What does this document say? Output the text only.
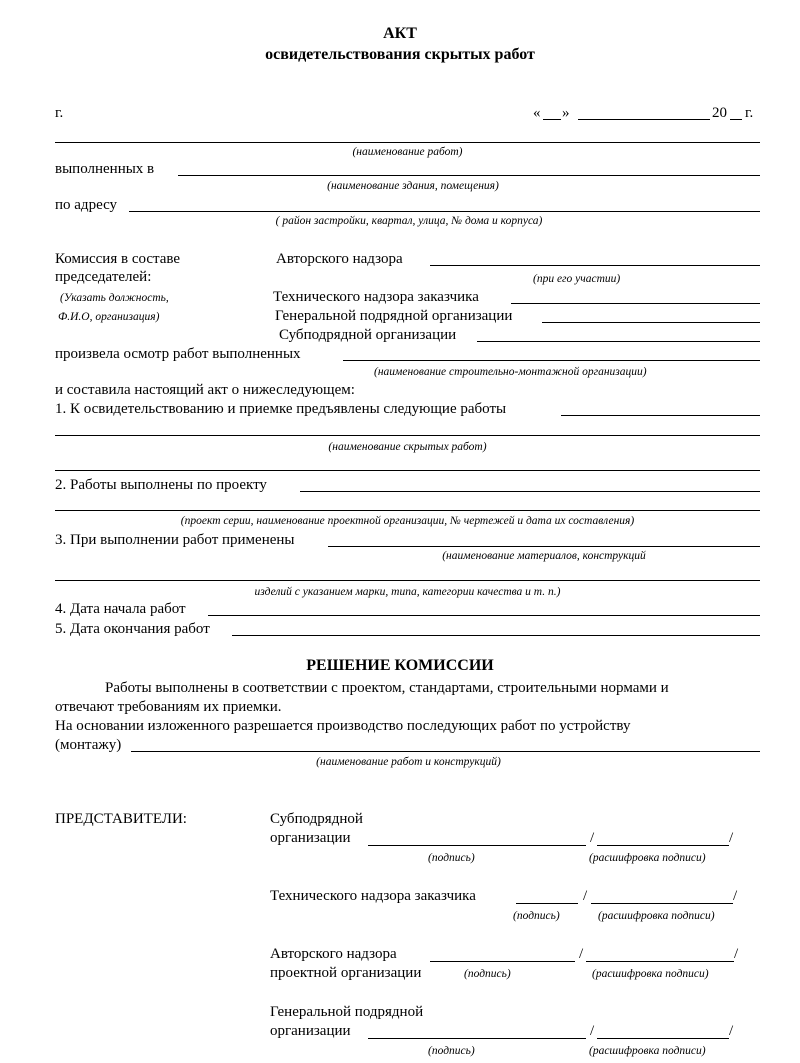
АКТ
освидетельствования скрытых работ
г.	« »	20 г.
(наименование работ)
выполненных в
(наименование здания, помещения)
по адресу
( район застройки, квартал, улица, № дома и корпуса)
Комиссия в составе	Авторского надзора
председателей:	(при его участии)
(Указать должность,	Технического надзора заказчика
Ф.И.О, организация)	Генеральной подрядной организации
Субподрядной организации
произвела осмотр работ выполненных
(наименование строительно-монтажной организации)
и составила настоящий акт о нижеследующем:
1. К освидетельствованию и приемке предъявлены следующие работы
(наименование скрытых работ)
2. Работы выполнены по проекту
(проект серии, наименование проектной организации, № чертежей и дата их составления)
3. При выполнении работ применены
(наименование материалов, конструкций
изделий с указанием марки, типа, категории качества и т. п.)
4. Дата начала работ
5. Дата окончания работ
РЕШЕНИЕ КОМИССИИ
Работы выполнены в соответствии с проектом, стандартами, строительными нормами и
отвечают требованиям их приемки.
На основании изложенного разрешается производство последующих работ по устройству
(монтажу)
(наименование работ и конструкций)
ПРЕДСТАВИТЕЛИ:	Субподрядной
организации	/	/
(подпись)	(расшифровка подписи)
Технического надзора заказчика	/	/
(подпись)	(расшифровка подписи)
Авторского надзора	/	/
проектной организации	(подпись)	(расшифровка подписи)
Генеральной подрядной
организации	/	/
(подпись)	(расшифровка подписи)
